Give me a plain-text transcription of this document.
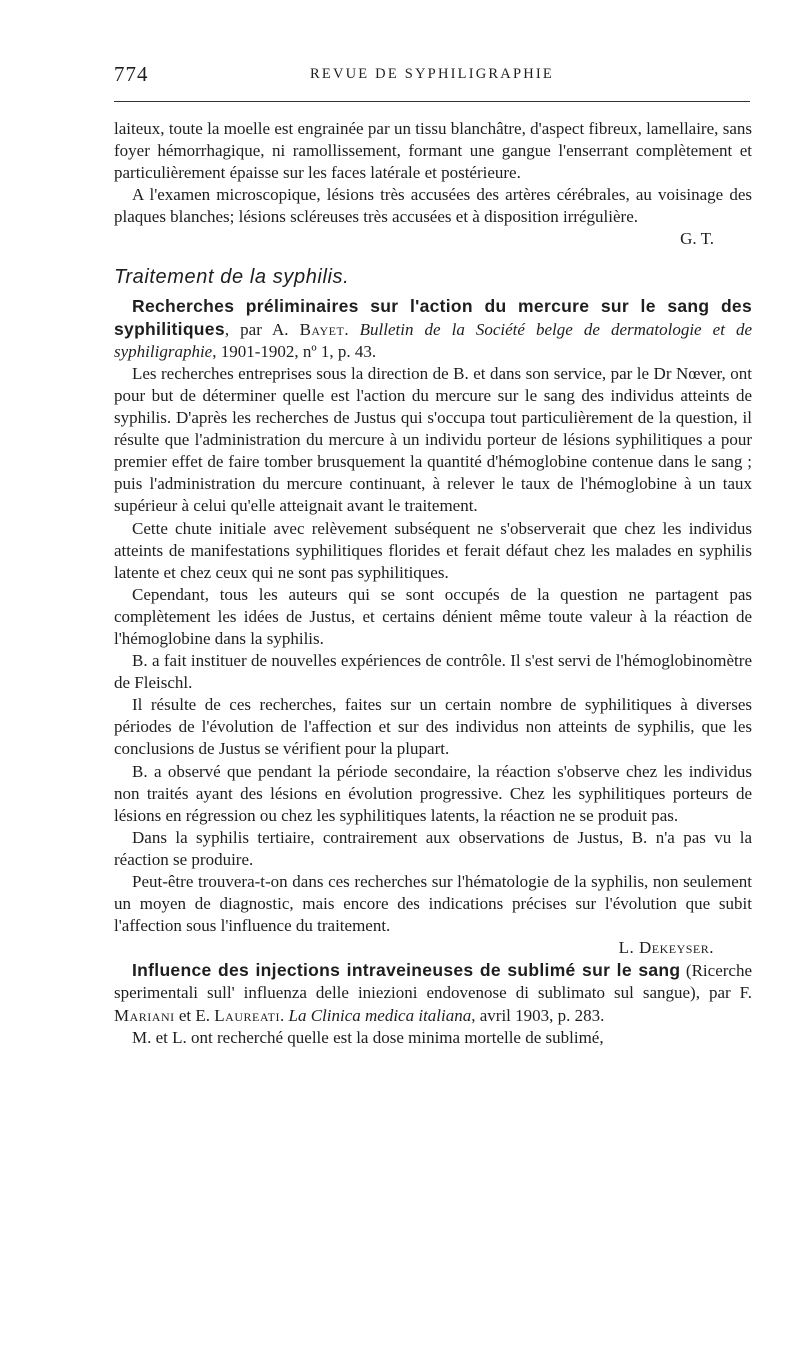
774	REVUE DE SYPHILIGRAPHIE

laiteux, toute la moelle est engrainée par un tissu blanchâtre, d'aspect fibreux, lamellaire, sans foyer hémorrhagique, ni ramollissement, formant une gangue l'enserrant complètement et particulièrement épaisse sur les faces latérale et postérieure.

A l'examen microscopique, lésions très accusées des artères cérébrales, au voisinage des plaques blanches; lésions scléreuses très accusées et à disposition irrégulière.

G. T.
Traitement de la syphilis.

Recherches préliminaires sur l'action du mercure sur le sang des syphilitiques, par A. Bayet. Bulletin de la Société belge de dermatologie et de syphiligraphie, 1901-1902, nº 1, p. 43.

Les recherches entreprises sous la direction de B. et dans son service, par le Dr Nœver, ont pour but de déterminer quelle est l'action du mercure sur le sang des individus atteints de syphilis. D'après les recherches de Justus qui s'occupa tout particulièrement de la question, il résulte que l'administration du mercure à un individu porteur de lésions syphilitiques a pour premier effet de faire tomber brusquement la quantité d'hémoglobine contenue dans le sang ; puis l'administration du mercure continuant, à relever le taux de l'hémoglobine à un taux supérieur à celui qu'elle atteignait avant le traitement.

Cette chute initiale avec relèvement subséquent ne s'observerait que chez les individus atteints de manifestations syphilitiques florides et ferait défaut chez les malades en syphilis latente et chez ceux qui ne sont pas syphilitiques.

Cependant, tous les auteurs qui se sont occupés de la question ne partagent pas complètement les idées de Justus, et certains dénient même toute valeur à la réaction de l'hémoglobine dans la syphilis.

B. a fait instituer de nouvelles expériences de contrôle. Il s'est servi de l'hémoglobinomètre de Fleischl.

Il résulte de ces recherches, faites sur un certain nombre de syphilitiques à diverses périodes de l'évolution de l'affection et sur des individus non atteints de syphilis, que les conclusions de Justus se vérifient pour la plupart.

B. a observé que pendant la période secondaire, la réaction s'observe chez les individus non traités ayant des lésions en évolution progressive. Chez les syphilitiques porteurs de lésions en régression ou chez les syphilitiques latents, la réaction ne se produit pas.

Dans la syphilis tertiaire, contrairement aux observations de Justus, B. n'a pas vu la réaction se produire.

Peut-être trouvera-t-on dans ces recherches sur l'hématologie de la syphilis, non seulement un moyen de diagnostic, mais encore des indications précises sur l'évolution que subit l'affection sous l'influence du traitement.

L. Dekeyser.

Influence des injections intraveineuses de sublimé sur le sang (Ricerche sperimentali sull' influenza delle iniezioni endovenose di sublimato sul sangue), par F. Mariani et E. Laureati. La Clinica medica italiana, avril 1903, p. 283.

M. et L. ont recherché quelle est la dose minima mortelle de sublimé,
